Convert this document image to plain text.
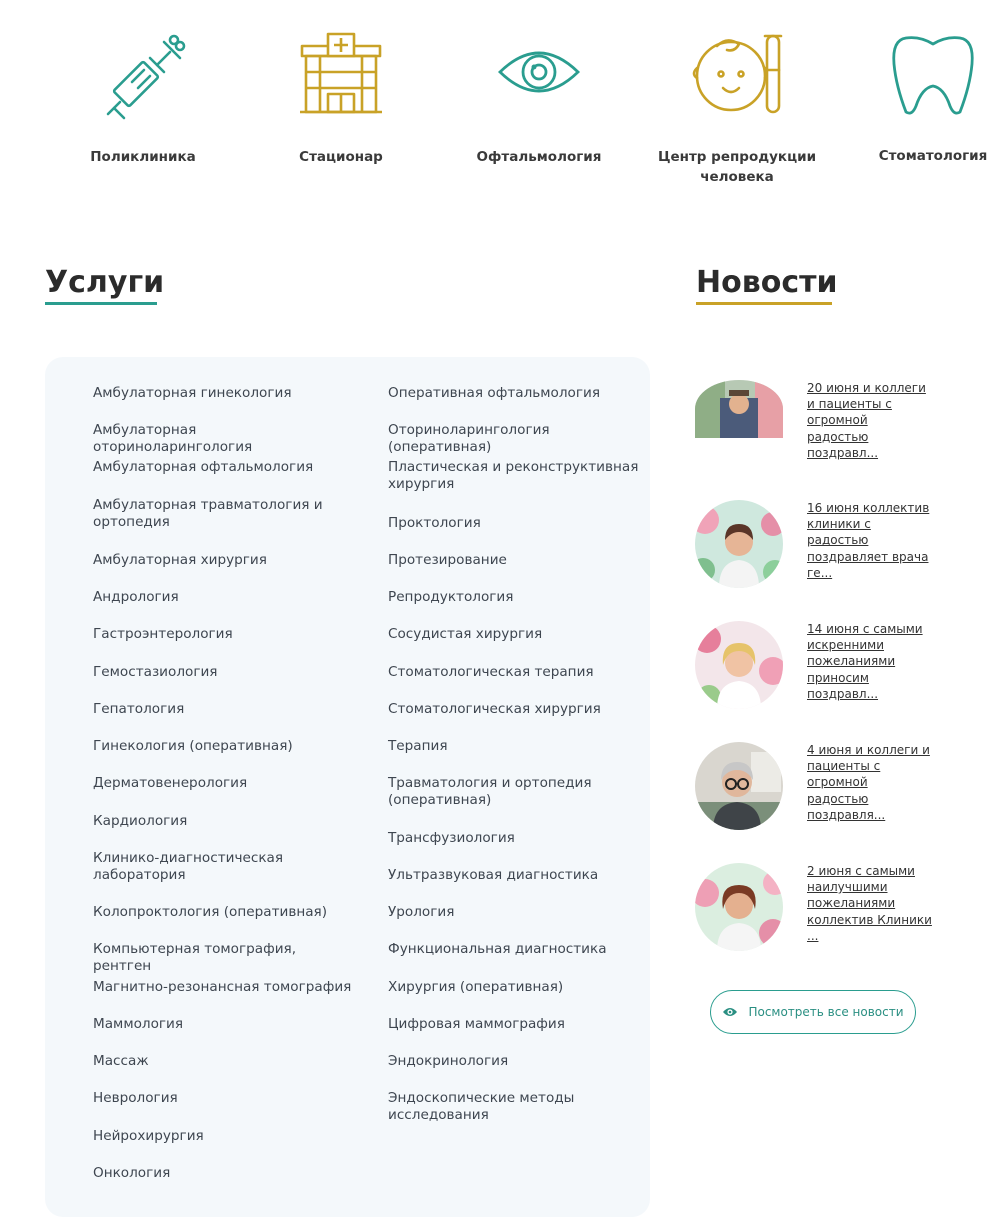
Поликлиника	Стационар	Офтальмология	Центр репродукции человека
Стоматология
Услуги	Новости
Амбулаторная гинекология
Амбулаторная оториноларингология
Амбулаторная офтальмология
Амбулаторная травматология и ортопедия
Амбулаторная хирургия
Андрология
Гастроэнтерология
Гемостазиология
Гепатология
Гинекология (оперативная)
Дерматовенерология
Кардиология
Клинико-диагностическая лаборатория
Колопроктология (оперативная)
Компьютерная томография, рентген
Магнитно-резонансная томография
Маммология
Массаж
Неврология
Нейрохирургия
Онкология
Оперативная офтальмология
Оториноларингология (оперативная)
Пластическая и реконструктивная хирургия
Проктология
Протезирование
Репродуктология
Сосудистая хирургия
Стоматологическая терапия
Стоматологическая хирургия
Терапия
Травматология и ортопедия (оперативная)
Трансфузиология
Ультразвуковая диагностика
Урология
Функциональная диагностика
Хирургия (оперативная)
Цифровая маммография
Эндокринология
Эндоскопические методы исследования
20 июня и коллеги и пациенты с огромной радостью поздравл...
16 июня коллектив клиники с радостью поздравляет врача ге...
14 июня с самыми искренними пожеланиями приносим поздравл...
4 июня и коллеги и пациенты с огромной радостью поздравля...
2 июня с самыми наилучшими пожеланиями коллектив Клиники ...
Посмотреть все новости
